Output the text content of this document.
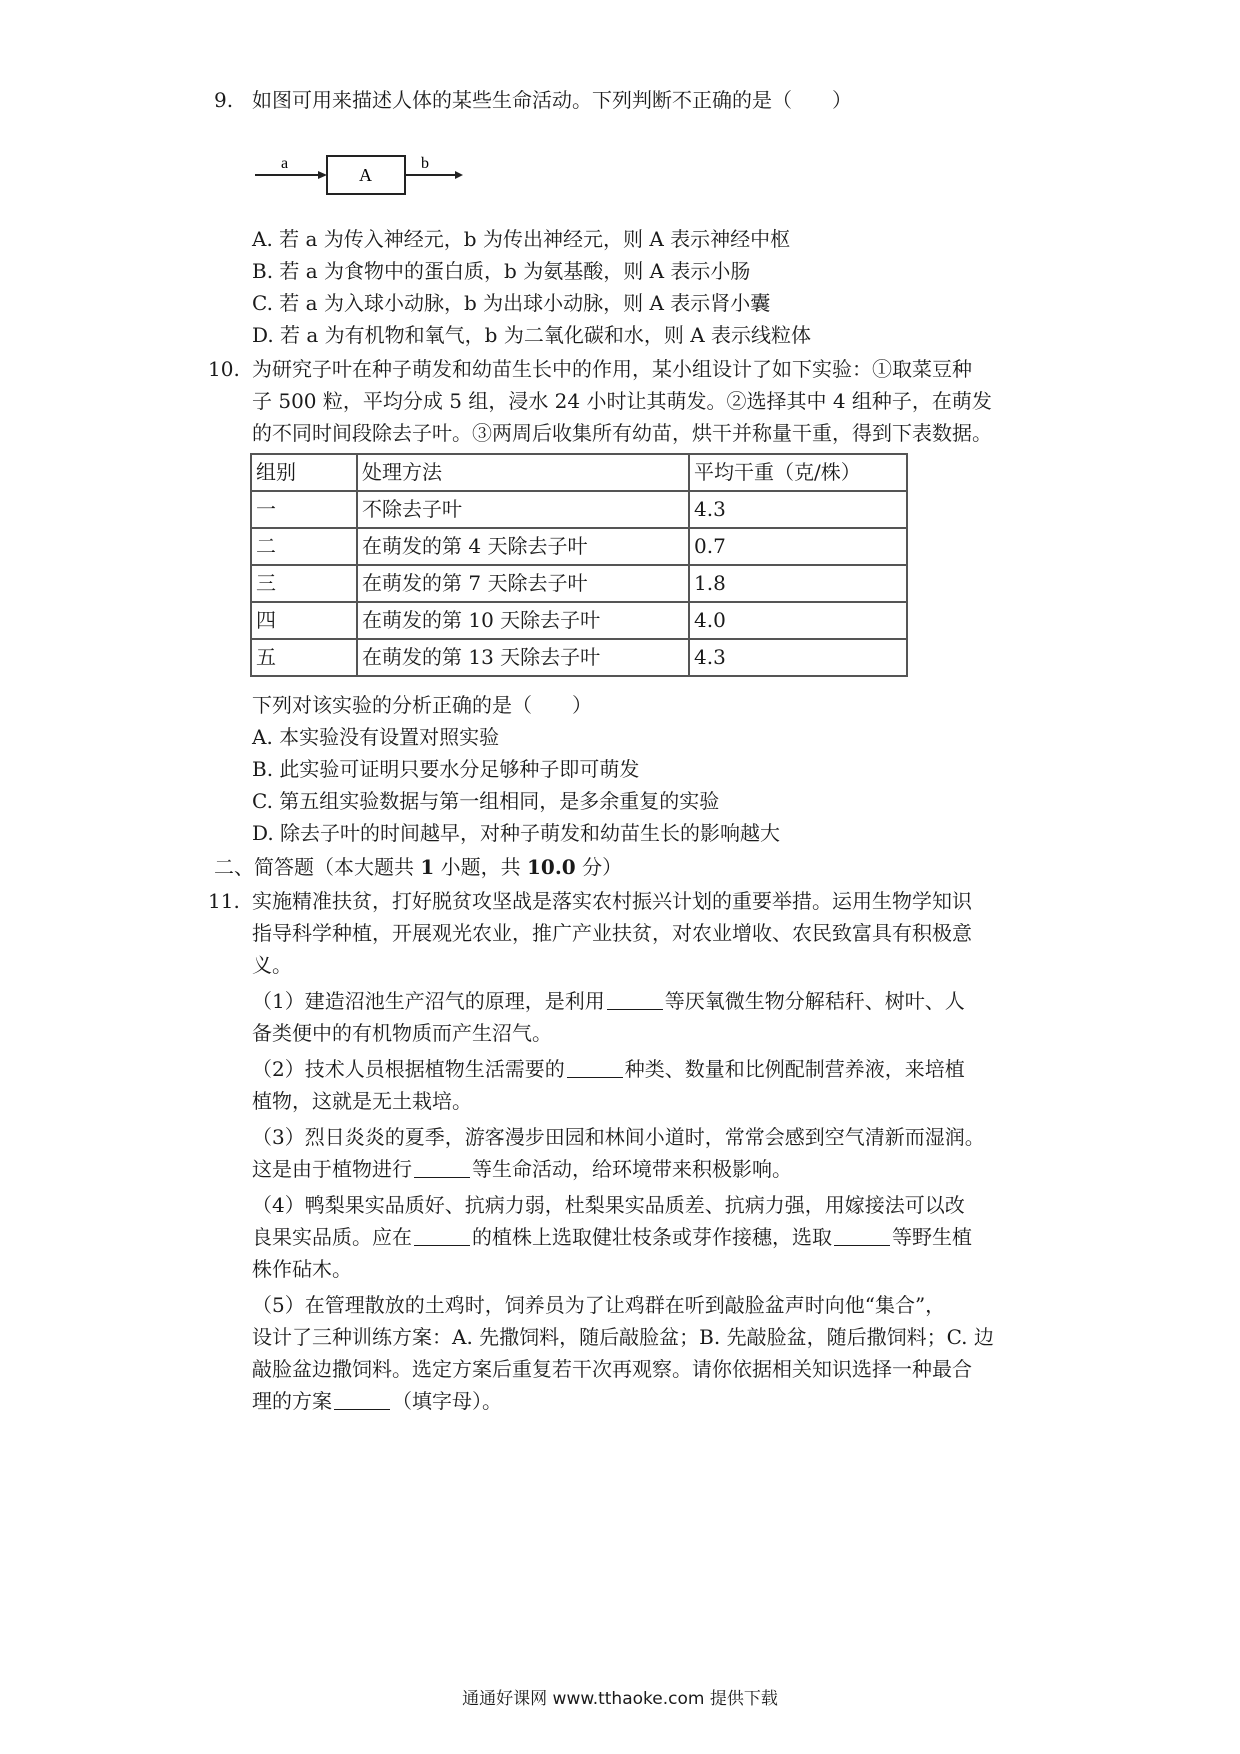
9. 如图可用来描述人体的某些生命活动。下列判断不正确的是（　　）
a
A
b
A. 若 a 为传入神经元，b 为传出神经元，则 A 表示神经中枢
B. 若 a 为食物中的蛋白质，b 为氨基酸，则 A 表示小肠
C. 若 a 为入球小动脉，b 为出球小动脉，则 A 表示肾小囊
D. 若 a 为有机物和氧气，b 为二氧化碳和水，则 A 表示线粒体
10. 为研究子叶在种子萌发和幼苗生长中的作用，某小组设计了如下实验：①取菜豆种
子 500 粒，平均分成 5 组，浸水 24 小时让其萌发。②选择其中 4 组种子，在萌发
的不同时间段除去子叶。③两周后收集所有幼苗，烘干并称量干重，得到下表数据。
组别	处理方法	平均干重（克/株）
一	不除去子叶	4.3
二	在萌发的第 4 天除去子叶	0.7
三	在萌发的第 7 天除去子叶	1.8
四	在萌发的第 10 天除去子叶	4.0
五	在萌发的第 13 天除去子叶	4.3
下列对该实验的分析正确的是（　　）
A. 本实验没有设置对照实验
B. 此实验可证明只要水分足够种子即可萌发
C. 第五组实验数据与第一组相同，是多余重复的实验
D. 除去子叶的时间越早，对种子萌发和幼苗生长的影响越大
二、简答题（本大题共 1 小题，共 10.0 分）
11. 实施精准扶贫，打好脱贫攻坚战是落实农村振兴计划的重要举措。运用生物学知识
指导科学种植，开展观光农业，推广产业扶贫，对农业增收、农民致富具有积极意
义。
（1）建造沼池生产沼气的原理，是利用	等厌氧微生物分解秸秆、树叶、人
备类便中的有机物质而产生沼气。
（2）技术人员根据植物生活需要的	种类、数量和比例配制营养液，来培植
植物，这就是无土栽培。
（3）烈日炎炎的夏季，游客漫步田园和林间小道时，常常会感到空气清新而湿润。
这是由于植物进行	等生命活动，给环境带来积极影响。
（4）鸭梨果实品质好、抗病力弱，杜梨果实品质差、抗病力强，用嫁接法可以改
良果实品质。应在	的植株上选取健壮枝条或芽作接穗，选取	等野生植
株作砧木。
（5）在管理散放的土鸡时，饲养员为了让鸡群在听到敲脸盆声时向他“集合”，
设计了三种训练方案：A. 先撒饲料，随后敲脸盆；B. 先敲脸盆，随后撒饲料；C. 边
敲脸盆边撒饲料。选定方案后重复若干次再观察。请你依据相关知识选择一种最合
理的方案	（填字母）。
通通好课网 www.tthaoke.com 提供下载
